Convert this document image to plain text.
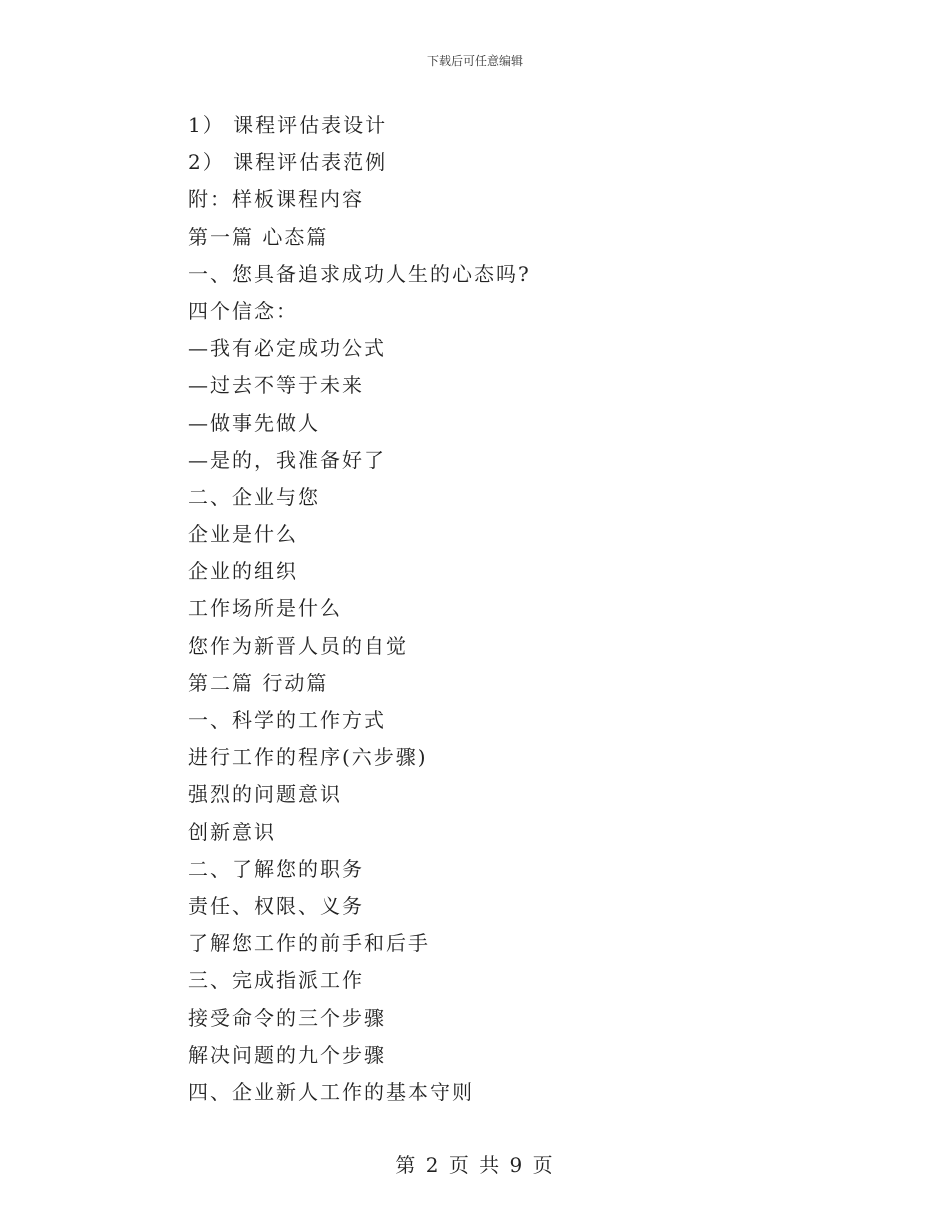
下载后可任意编辑
1） 课程评估表设计
2） 课程评估表范例
附：样板课程内容
第一篇 心态篇
一、您具备追求成功人生的心态吗?
四个信念：
—我有必定成功公式
—过去不等于未来
—做事先做人
—是的，我准备好了
二、企业与您
企业是什么
企业的组织
工作场所是什么
您作为新晋人员的自觉
第二篇 行动篇
一、科学的工作方式
进行工作的程序(六步骤)
强烈的问题意识
创新意识
二、了解您的职务
责任、权限、义务
了解您工作的前手和后手
三、完成指派工作
接受命令的三个步骤
解决问题的九个步骤
四、企业新人工作的基本守则
第 2 页 共 9 页
